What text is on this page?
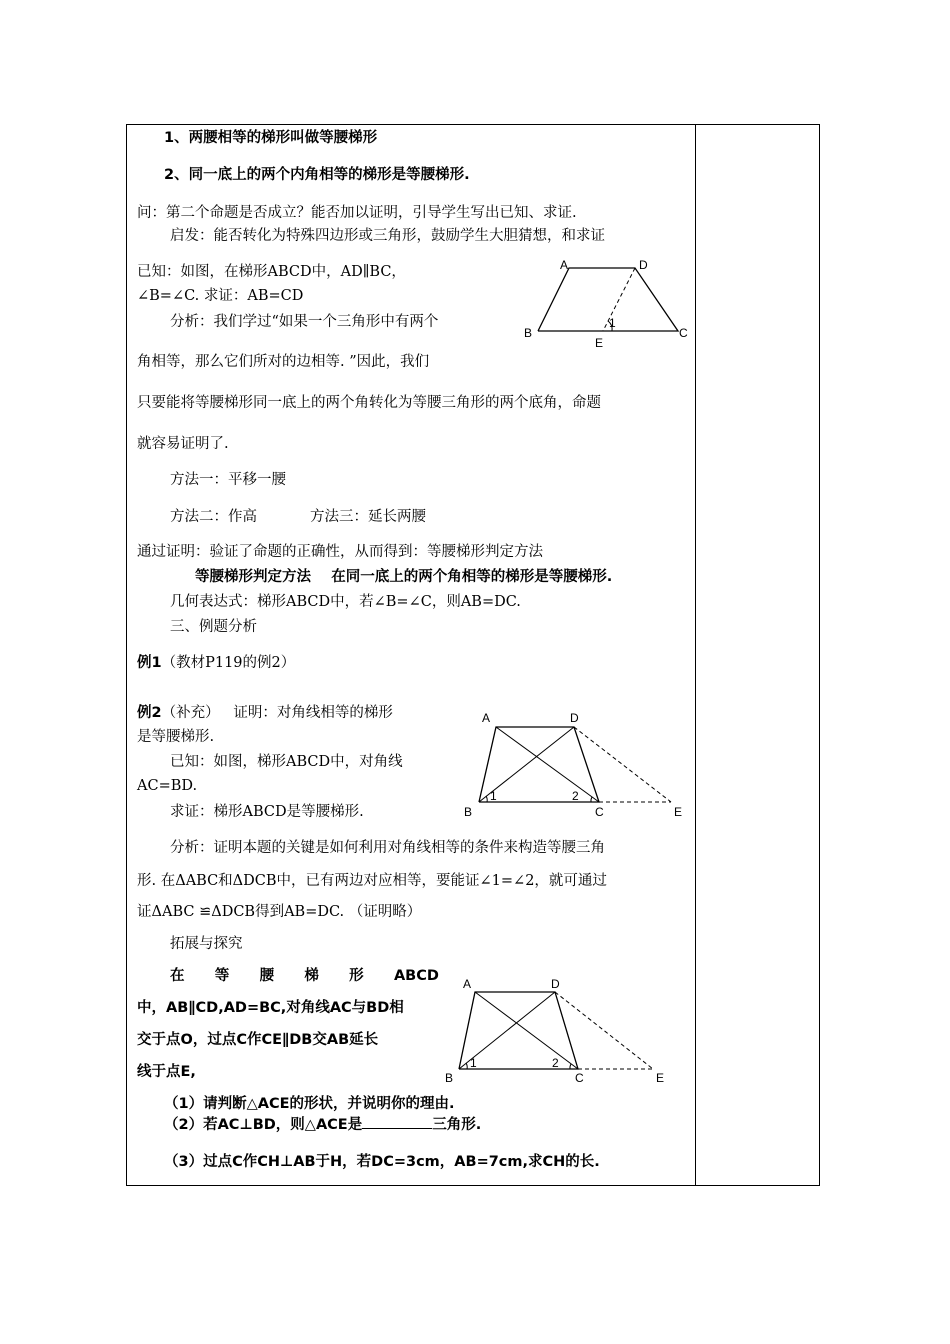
1、两腰相等的梯形叫做等腰梯形
2、同一底上的两个内角相等的梯形是等腰梯形.
问：第二个命题是否成立？能否加以证明，引导学生写出已知、求证.
启发：能否转化为特殊四边形或三角形，鼓励学生大胆猜想，和求证
已知：如图，在梯形ABCD中，AD∥BC，
∠B=∠C. 求证：AB=CD
分析：我们学过“如果一个三角形中有两个
角相等，那么它们所对的边相等. ”因此，我们
只要能将等腰梯形同一底上的两个角转化为等腰三角形的两个底角，命题
就容易证明了.
方法一：平移一腰
方法二：作高	方法三：延长两腰
通过证明：验证了命题的正确性，从而得到：等腰梯形判定方法
等腰梯形判定方法    在同一底上的两个角相等的梯形是等腰梯形.
几何表达式：梯形ABCD中，若∠B=∠C，则AB=DC.
三、例题分析
例1（教材P119的例2）
例2（补充）   证明：对角线相等的梯形
是等腰梯形.
已知：如图，梯形ABCD中，对角线
AC=BD.
求证：梯形ABCD是等腰梯形.
分析：证明本题的关键是如何利用对角线相等的条件来构造等腰三角
形. 在ΔABC和ΔDCB中，已有两边对应相等，要能证∠1=∠2，就可通过
证ΔABC ≌ΔDCB得到AB=DC. （证明略）
拓展与探究
在      等      腰      梯      形      ABCD
中，AB∥CD,AD=BC,对角线AC与BD相
交于点O，过点C作CE∥DB交AB延长
线于点E,
（1）请判断△ACE的形状，并说明你的理由.
（2）若AC⊥BD，则△ACE是	三角形.
（3）过点C作CH⊥AB于H，若DC=3cm，AB=7cm,求CH的长.
A	D
B
E
C
1
A	D
B	C	E
1	2
A	D
B	C	E
1	2
